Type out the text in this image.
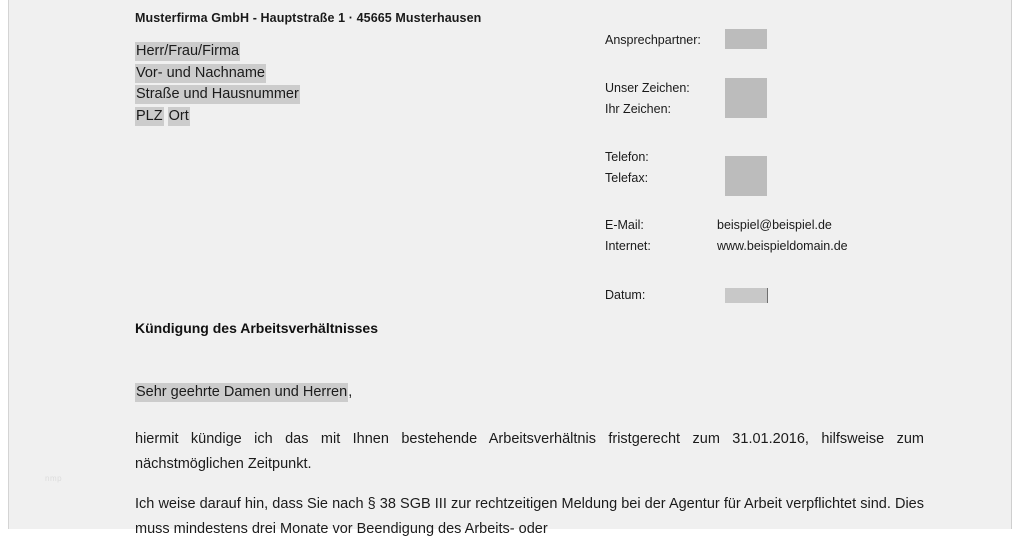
nmp
Musterfirma GmbH - Hauptstraße 1 · 45665 Musterhausen
Herr/Frau/Firma
Vor- und Nachname
Straße und Hausnummer
PLZ Ort
Ansprechpartner:
Unser Zeichen:
Ihr Zeichen:
Telefon:
Telefax:
E-Mail:	beispiel@beispiel.de
Internet:	www.beispieldomain.de
Datum:
Kündigung des Arbeitsverhältnisses
Sehr geehrte Damen und Herren,
hiermit kündige ich das mit Ihnen bestehende Arbeitsverhältnis fristgerecht zum 31.01.2016, hilfsweise zum nächstmöglichen Zeitpunkt.
Ich weise darauf hin, dass Sie nach § 38 SGB III zur rechtzeitigen Meldung bei der Agentur für Arbeit verpflichtet sind. Dies muss mindestens drei Monate vor Beendigung des Arbeits- oder
